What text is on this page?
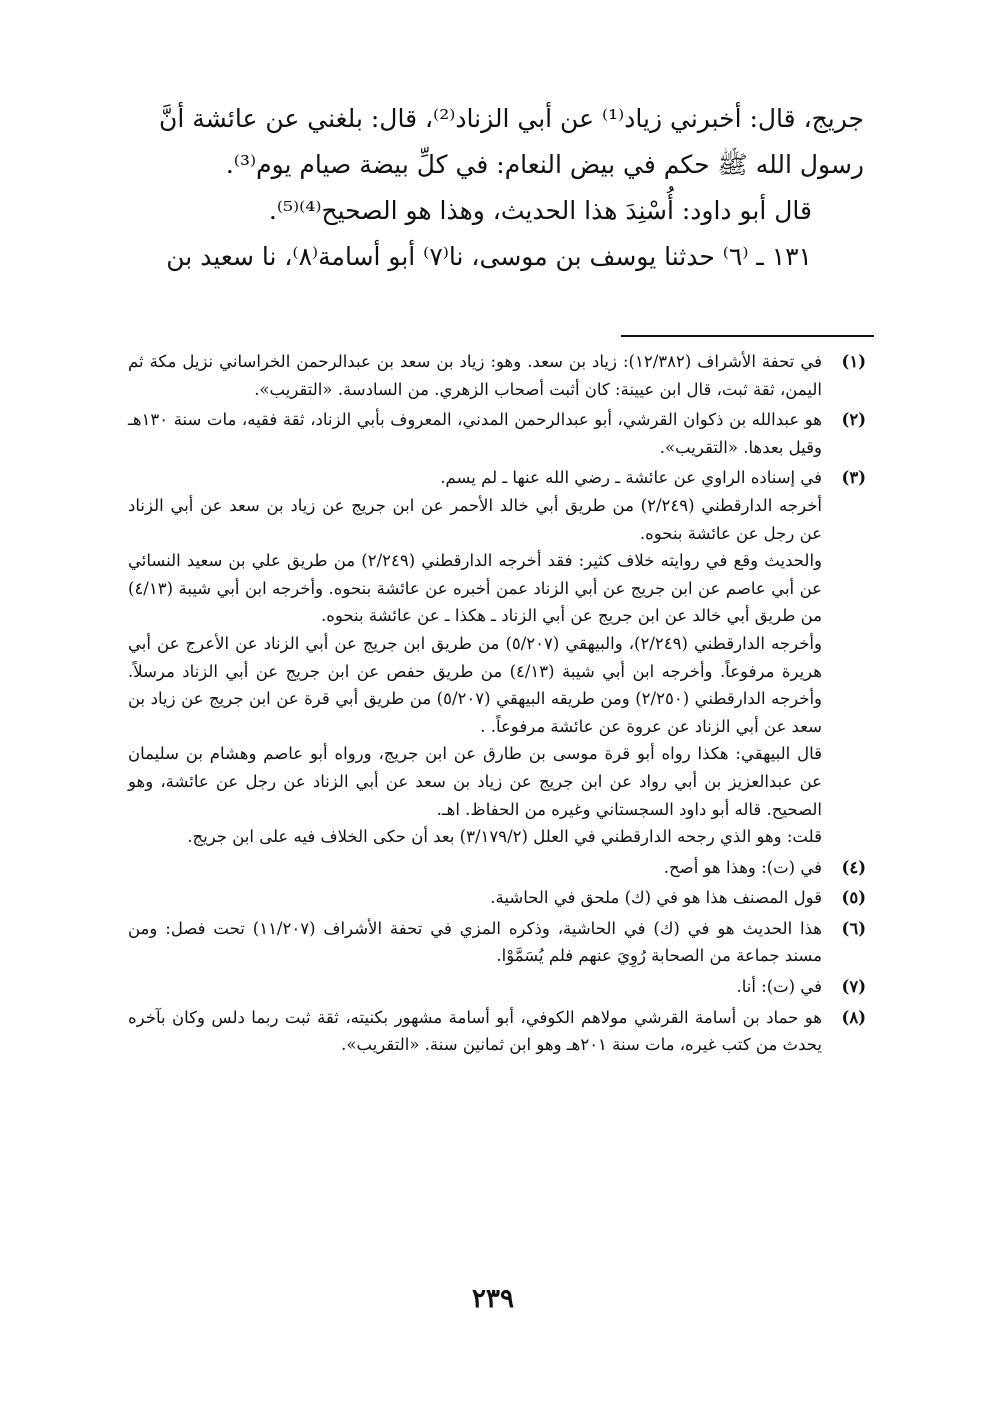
جريج، قال: أخبرني زياد⁽¹⁾ عن أبي الزناد⁽²⁾، قال: بلغني عن عائشة أنَّ

رسول الله ﷺ حكم في بيض النعام: في كلِّ بيضة صيام يوم⁽³⁾.

قال أبو داود: أُسْنِدَ هذا الحديث، وهذا هو الصحيح⁽⁴⁾⁽⁵⁾.

١٣١ ـ ⁽٦⁾ حدثنا يوسف بن موسى، نا⁽٧⁾ أبو أسامة⁽٨⁾، نا سعيد بن

(١)

في تحفة الأشراف (١٢/٣٨٢): زياد بن سعد. وهو: زياد بن سعد بن عبدالرحمن الخراساني نزيل مكة ثم اليمن، ثقة ثبت، قال ابن عيينة: كان أثبت أصحاب الزهري. من السادسة. «التقريب».

(٢)

هو عبدالله بن ذكوان القرشي، أبو عبدالرحمن المدني، المعروف بأبي الزناد، ثقة فقيه، مات سنة ١٣٠هـ وقيل بعدها. «التقريب».

(٣)

في إسناده الراوي عن عائشة ـ رضي الله عنها ـ لم يسم.

أخرجه الدارقطني (٢/٢٤٩) من طريق أبي خالد الأحمر عن ابن جريج عن زياد بن سعد عن أبي الزناد عن رجل عن عائشة بنحوه.

والحديث وقع في روايته خلاف كثير: فقد أخرجه الدارقطني (٢/٢٤٩) من طريق علي بن سعيد النسائي عن أبي عاصم عن ابن جريج عن أبي الزناد عمن أخبره عن عائشة بنحوه. وأخرجه ابن أبي شيبة (٤/١٣) من طريق أبي خالد عن ابن جريج عن أبي الزناد ـ هكذا ـ عن عائشة بنحوه.

وأخرجه الدارقطني (٢/٢٤٩)، والبيهقي (٥/٢٠٧) من طريق ابن جريج عن أبي الزناد عن الأعرج عن أبي هريرة مرفوعاً. وأخرجه ابن أبي شيبة (٤/١٣) من طريق حفص عن ابن جريج عن أبي الزناد مرسلاً. وأخرجه الدارقطني (٢/٢٥٠) ومن طريقه البيهقي (٥/٢٠٧) من طريق أبي قرة عن ابن جريج عن زياد بن سعد عن أبي الزناد عن عروة عن عائشة مرفوعاً. .

قال البيهقي: هكذا رواه أبو قرة موسى بن طارق عن ابن جريج، ورواه أبو عاصم وهشام بن سليمان عن عبدالعزيز بن أبي رواد عن ابن جريج عن زياد بن سعد عن أبي الزناد عن رجل عن عائشة، وهو الصحيح. قاله أبو داود السجستاني وغيره من الحفاظ. اهـ.

قلت: وهو الذي رجحه الدارقطني في العلل (٣/١٧٩/٢) بعد أن حكى الخلاف فيه على ابن جريج.

(٤)

في (ت): وهذا هو أصح.

(٥)

قول المصنف هذا هو في (ك) ملحق في الحاشية.

(٦)

هذا الحديث هو في (ك) في الحاشية، وذكره المزي في تحفة الأشراف (١١/٢٠٧) تحت فصل: ومن مسند جماعة من الصحابة رُوِيَ عنهم فلم يُسَمَّوْا.

(٧)

في (ت): أنا.

(٨)

هو حماد بن أسامة القرشي مولاهم الكوفي، أبو أسامة مشهور بكنيته، ثقة ثبت ربما دلس وكان بآخره يحدث من كتب غيره، مات سنة ٢٠١هـ وهو ابن ثمانين سنة. «التقريب».

٢٣٩
